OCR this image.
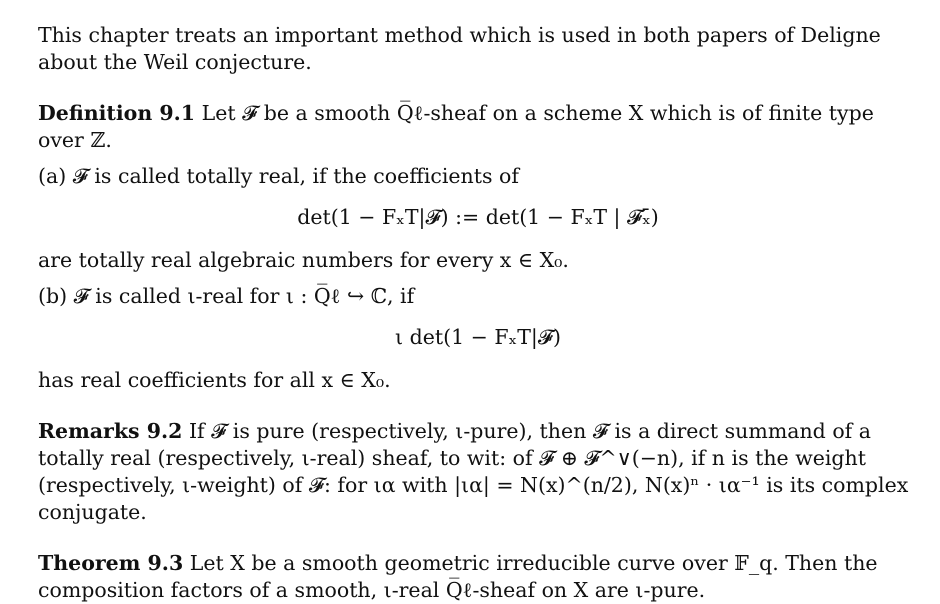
This chapter treats an important method which is used in both papers of Deligne about the Weil conjecture.

Definition 9.1 Let 𝓕 be a smooth Q̅ℓ-sheaf on a scheme X which is of finite type over ℤ.

(a) 𝓕 is called totally real, if the coefficients of

det(1 − FₓT|𝓕) := det(1 − FₓT | 𝓕ₓ̄)

are totally real algebraic numbers for every x ∈ X₀.

(b) 𝓕 is called ι-real for ι : Q̅ℓ ↪ ℂ, if

ι det(1 − FₓT|𝓕)

has real coefficients for all x ∈ X₀.

Remarks 9.2 If 𝓕 is pure (respectively, ι-pure), then 𝓕 is a direct summand of a totally real (respectively, ι-real) sheaf, to wit: of 𝓕 ⊕ 𝓕^∨(−n), if n is the weight (respectively, ι-weight) of 𝓕: for ια with |ια| = N(x)^(n/2), N(x)ⁿ · ια⁻¹ is its complex conjugate.

Theorem 9.3 Let X be a smooth geometric irreducible curve over 𝔽_q. Then the composition factors of a smooth, ι-real Q̅ℓ-sheaf on X are ι-pure.
